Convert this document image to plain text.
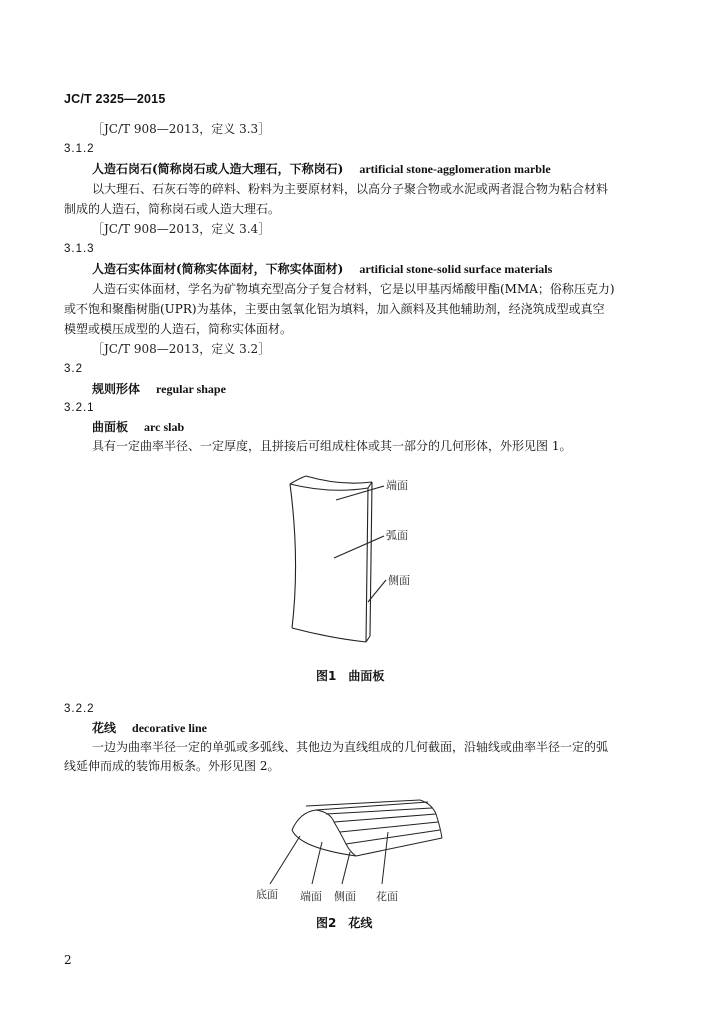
JC/T 2325—2015
［JC/T 908—2013，定义 3.3］
3.1.2
人造石岗石(简称岗石或人造大理石，下称岗石) artificial stone-agglomeration marble
以大理石、石灰石等的碎料、粉料为主要原材料，以高分子聚合物或水泥或两者混合物为粘合材料
制成的人造石，简称岗石或人造大理石。
［JC/T 908—2013，定义 3.4］
3.1.3
人造石实体面材(简称实体面材，下称实体面材) artificial stone-solid surface materials
人造石实体面材，学名为矿物填充型高分子复合材料，它是以甲基丙烯酸甲酯(MMA；俗称压克力)
或不饱和聚酯树脂(UPR)为基体，主要由氢氧化铝为填料，加入颜料及其他辅助剂，经浇筑成型或真空
模塑或模压成型的人造石，简称实体面材。
［JC/T 908—2013，定义 3.2］
3.2
规则形体 regular shape
3.2.1
曲面板 arc slab
具有一定曲率半径、一定厚度，且拼接后可组成柱体或其一部分的几何形体，外形见图 1。
端面
弧面
侧面
图1 曲面板
3.2.2
花线 decorative line
一边为曲率半径一定的单弧或多弧线、其他边为直线组成的几何截面，沿轴线或曲率半径一定的弧
线延伸而成的装饰用板条。外形见图 2。
底面 端面 侧面 花面
图2 花线
2
